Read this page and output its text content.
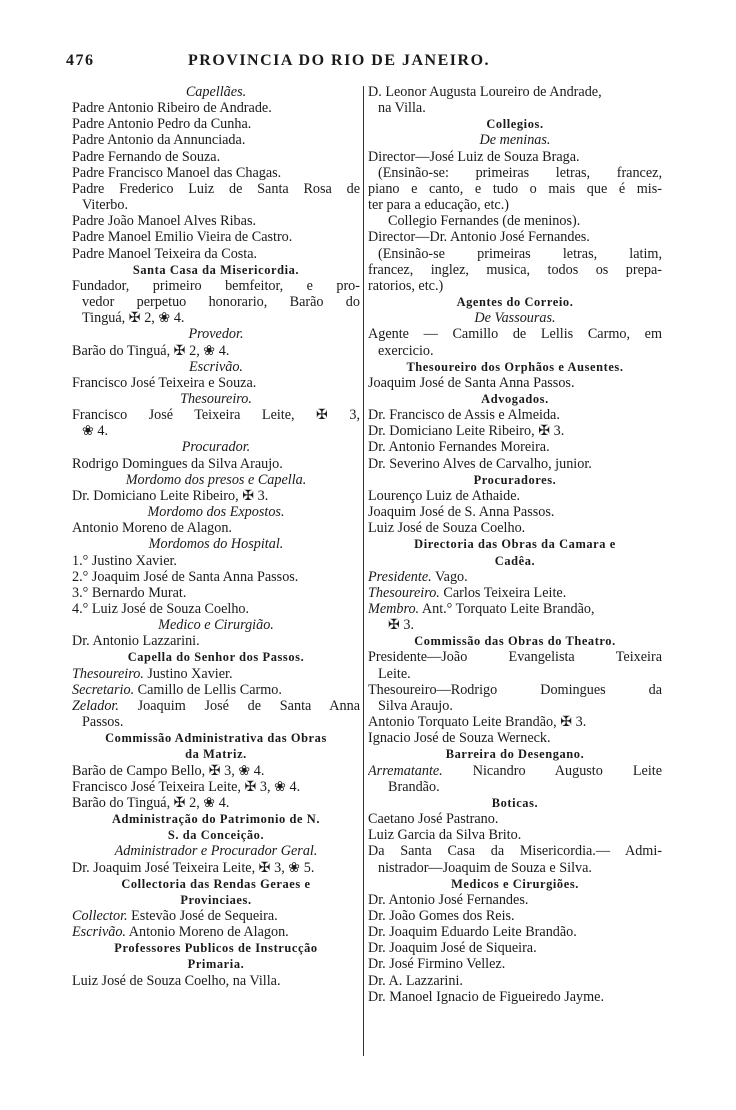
476	PROVINCIA DO RIO DE JANEIRO.
Capellães.
Padre Antonio Ribeiro de Andrade.
Padre Antonio Pedro da Cunha.
Padre Antonio da Annunciada.
Padre Fernando de Souza.
Padre Francisco Manoel das Chagas.
Padre Frederico Luiz de Santa Rosa de
Viterbo.
Padre João Manoel Alves Ribas.
Padre Manoel Emilio Vieira de Castro.
Padre Manoel Teixeira da Costa.
Santa Casa da Misericordia.
Fundador, primeiro bemfeitor, e pro-
vedor perpetuo honorario, Barão do
Tinguá, ✠ 2, ❀ 4.
Provedor.
Barão do Tinguá, ✠ 2, ❀ 4.
Escrivão.
Francisco José Teixeira e Souza.
Thesoureiro.
Francisco José Teixeira Leite, ✠ 3,
❀ 4.
Procurador.
Rodrigo Domingues da Silva Araujo.
Mordomo dos presos e Capella.
Dr. Domiciano Leite Ribeiro, ✠ 3.
Mordomo dos Expostos.
Antonio Moreno de Alagon.
Mordomos do Hospital.
1.° Justino Xavier.
2.° Joaquim José de Santa Anna Passos.
3.° Bernardo Murat.
4.° Luiz José de Souza Coelho.
Medico e Cirurgião.
Dr. Antonio Lazzarini.
Capella do Senhor dos Passos.
Thesoureiro. Justino Xavier.
Secretario. Camillo de Lellis Carmo.
Zelador. Joaquim José de Santa Anna
Passos.
Commissão Administrativa das Obras
da Matriz.
Barão de Campo Bello, ✠ 3, ❀ 4.
Francisco José Teixeira Leite, ✠ 3, ❀ 4.
Barão do Tinguá, ✠ 2, ❀ 4.
Administração do Patrimonio de N.
S. da Conceição.
Administrador e Procurador Geral.
Dr. Joaquim José Teixeira Leite, ✠ 3, ❀ 5.
Collectoria das Rendas Geraes e
Provinciaes.
Collector. Estevão José de Sequeira.
Escrivão. Antonio Moreno de Alagon.
Professores Publicos de Instrucção
Primaria.
Luiz José de Souza Coelho, na Villa.
D. Leonor Augusta Loureiro de Andrade,
na Villa.
Collegios.
De meninas.
Director—José Luiz de Souza Braga.
(Ensinão-se: primeiras letras, francez,
piano e canto, e tudo o mais que é mis-
ter para a educação, etc.)
Collegio Fernandes (de meninos).
Director—Dr. Antonio José Fernandes.
(Ensinão-se primeiras letras, latim,
francez, inglez, musica, todos os prepa-
ratorios, etc.)
Agentes do Correio.
De Vassouras.
Agente — Camillo de Lellis Carmo, em
exercicio.
Thesoureiro dos Orphãos e Ausentes.
Joaquim José de Santa Anna Passos.
Advogados.
Dr. Francisco de Assis e Almeida.
Dr. Domiciano Leite Ribeiro, ✠ 3.
Dr. Antonio Fernandes Moreira.
Dr. Severino Alves de Carvalho, junior.
Procuradores.
Lourenço Luiz de Athaide.
Joaquim José de S. Anna Passos.
Luiz José de Souza Coelho.
Directoria das Obras da Camara e
Cadêa.
Presidente. Vago.
Thesoureiro. Carlos Teixeira Leite.
Membro. Ant.° Torquato Leite Brandão,
✠ 3.
Commissão das Obras do Theatro.
Presidente—João Evangelista Teixeira
Leite.
Thesoureiro—Rodrigo Domingues da
Silva Araujo.
Antonio Torquato Leite Brandão, ✠ 3.
Ignacio José de Souza Werneck.
Barreira do Desengano.
Arrematante. Nicandro Augusto Leite
Brandão.
Boticas.
Caetano José Pastrano.
Luiz Garcia da Silva Brito.
Da Santa Casa da Misericordia.— Admi-
nistrador—Joaquim de Souza e Silva.
Medicos e Cirurgiões.
Dr. Antonio José Fernandes.
Dr. João Gomes dos Reis.
Dr. Joaquim Eduardo Leite Brandão.
Dr. Joaquim José de Siqueira.
Dr. José Firmino Vellez.
Dr. A. Lazzarini.
Dr. Manoel Ignacio de Figueiredo Jayme.
